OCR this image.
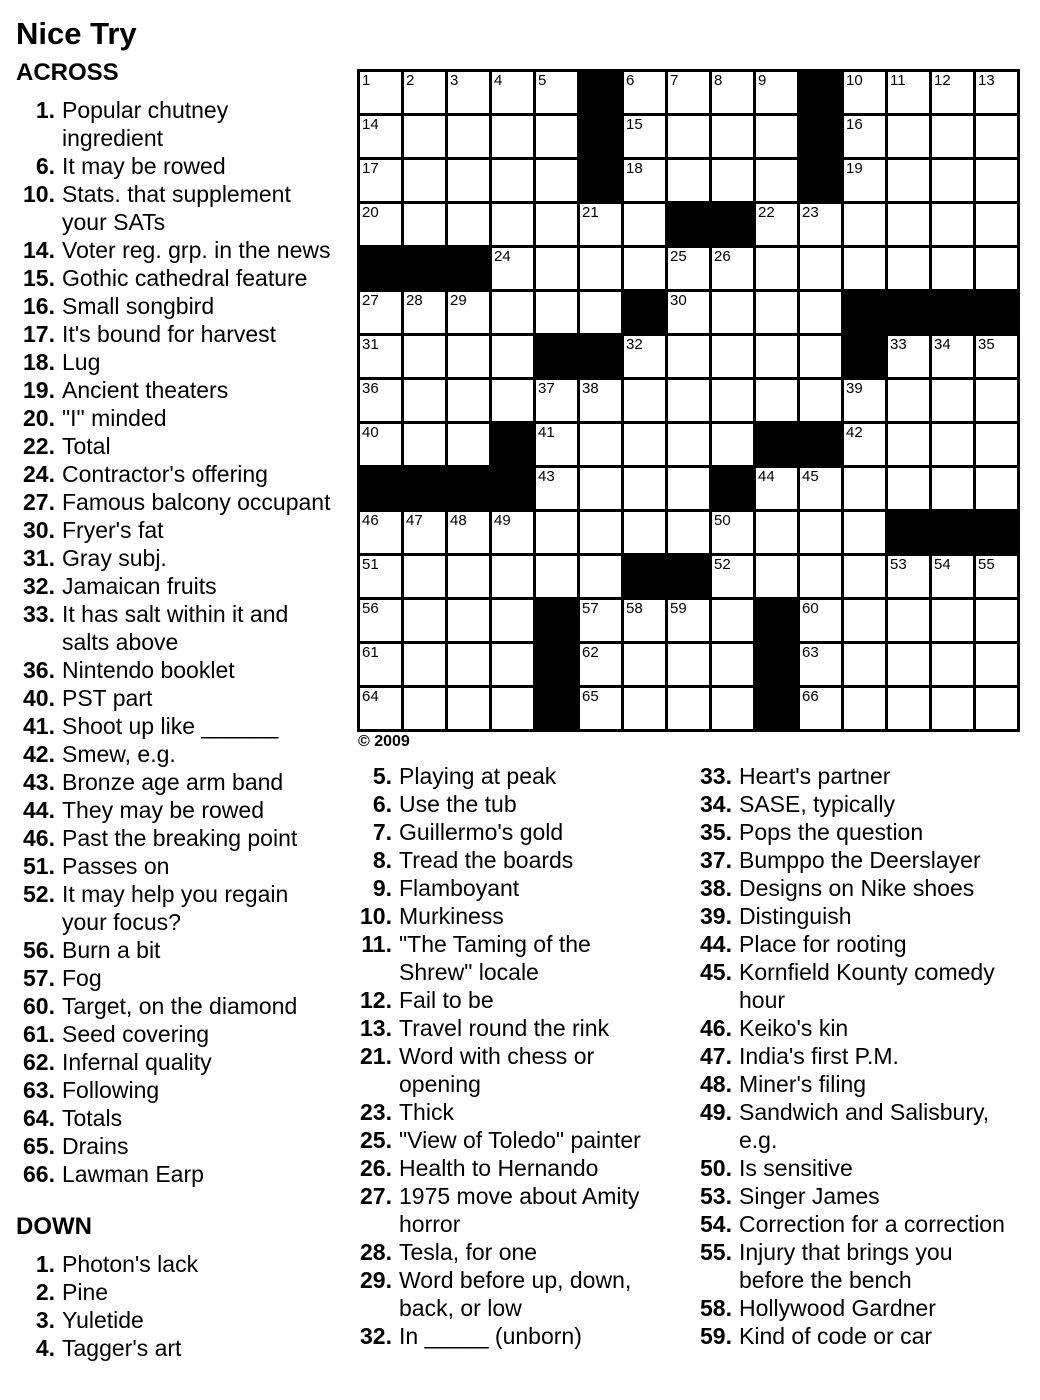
Nice Try
ACROSS
1. Popular chutney
ingredient
6. It may be rowed
10. Stats. that supplement
your SATs
14. Voter reg. grp. in the news
15. Gothic cathedral feature
16. Small songbird
17. It's bound for harvest
18. Lug
19. Ancient theaters
20. "I" minded
22. Total
24. Contractor's offering
27. Famous balcony occupant
30. Fryer's fat
31. Gray subj.
32. Jamaican fruits
33. It has salt within it and
salts above
36. Nintendo booklet
40. PST part
41. Shoot up like ______
42. Smew, e.g.
43. Bronze age arm band
44. They may be rowed
46. Past the breaking point
51. Passes on
52. It may help you regain
your focus?
56. Burn a bit
57. Fog
60. Target, on the diamond
61. Seed covering
62. Infernal quality
63. Following
64. Totals
65. Drains
66. Lawman Earp
DOWN
1. Photon's lack
2. Pine
3. Yuletide
4. Tagger's art
1 2 3 4 5	6 7 8 9	10 11 12 13
14	15	16
17	18	19
20	21	22 23
24	25 26
27 28 29	30
31	32	33 34 35
36	37 38	39
40	41	42
43	44 45
46 47 48 49	50
51	52	53 54 55
56	57 58 59	60
61	62	63
64	65	66
© 2009
5. Playing at peak
6. Use the tub
7. Guillermo's gold
8. Tread the boards
9. Flamboyant
10. Murkiness
11. "The Taming of the
Shrew" locale
12. Fail to be
13. Travel round the rink
21. Word with chess or
opening
23. Thick
25. "View of Toledo" painter
26. Health to Hernando
27. 1975 move about Amity
horror
28. Tesla, for one
29. Word before up, down,
back, or low
32. In _____ (unborn)
33. Heart's partner
34. SASE, typically
35. Pops the question
37. Bumppo the Deerslayer
38. Designs on Nike shoes
39. Distinguish
44. Place for rooting
45. Kornfield Kounty comedy
hour
46. Keiko's kin
47. India's first P.M.
48. Miner's filing
49. Sandwich and Salisbury,
e.g.
50. Is sensitive
53. Singer James
54. Correction for a correction
55. Injury that brings you
before the bench
58. Hollywood Gardner
59. Kind of code or car
